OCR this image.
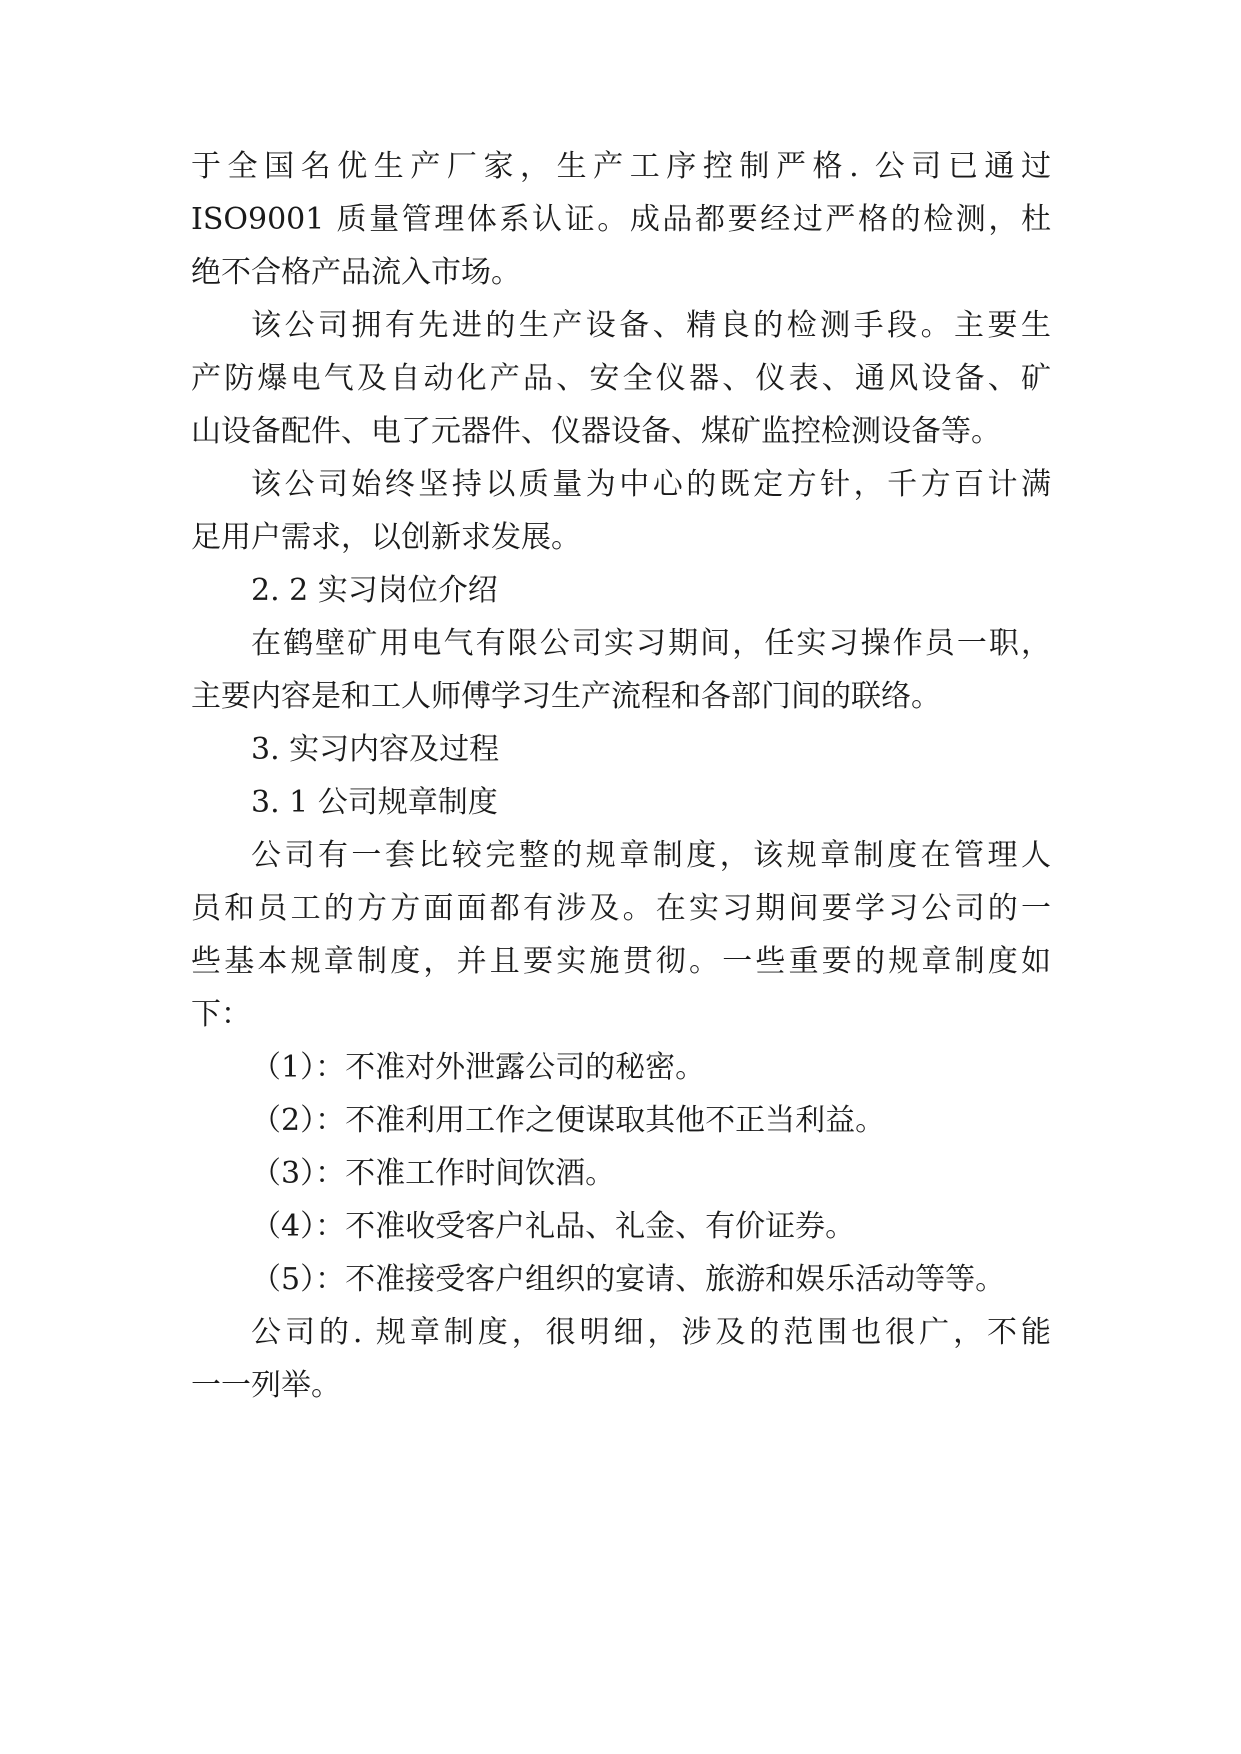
于全国名优生产厂家，生产工序控制严格. 公司已通过
ISO9001 质量管理体系认证。成品都要经过严格的检测，杜
绝不合格产品流入市场。
该公司拥有先进的生产设备、精良的检测手段。主要生
产防爆电气及自动化产品、安全仪器、仪表、通风设备、矿
山设备配件、电了元器件、仪器设备、煤矿监控检测设备等。
该公司始终坚持以质量为中心的既定方针，千方百计满
足用户需求，以创新求发展。
2. 2 实习岗位介绍
在鹤壁矿用电气有限公司实习期间，任实习操作员一职，
主要内容是和工人师傅学习生产流程和各部门间的联络。
3. 实习内容及过程
3. 1 公司规章制度
公司有一套比较完整的规章制度，该规章制度在管理人
员和员工的方方面面都有涉及。在实习期间要学习公司的一
些基本规章制度，并且要实施贯彻。一些重要的规章制度如
下：
（1）：不准对外泄露公司的秘密。
（2）：不准利用工作之便谋取其他不正当利益。
（3）：不准工作时间饮酒。
（4）：不准收受客户礼品、礼金、有价证券。
（5）：不准接受客户组织的宴请、旅游和娱乐活动等等。
公司的. 规章制度，很明细，涉及的范围也很广，不能
一一列举。
